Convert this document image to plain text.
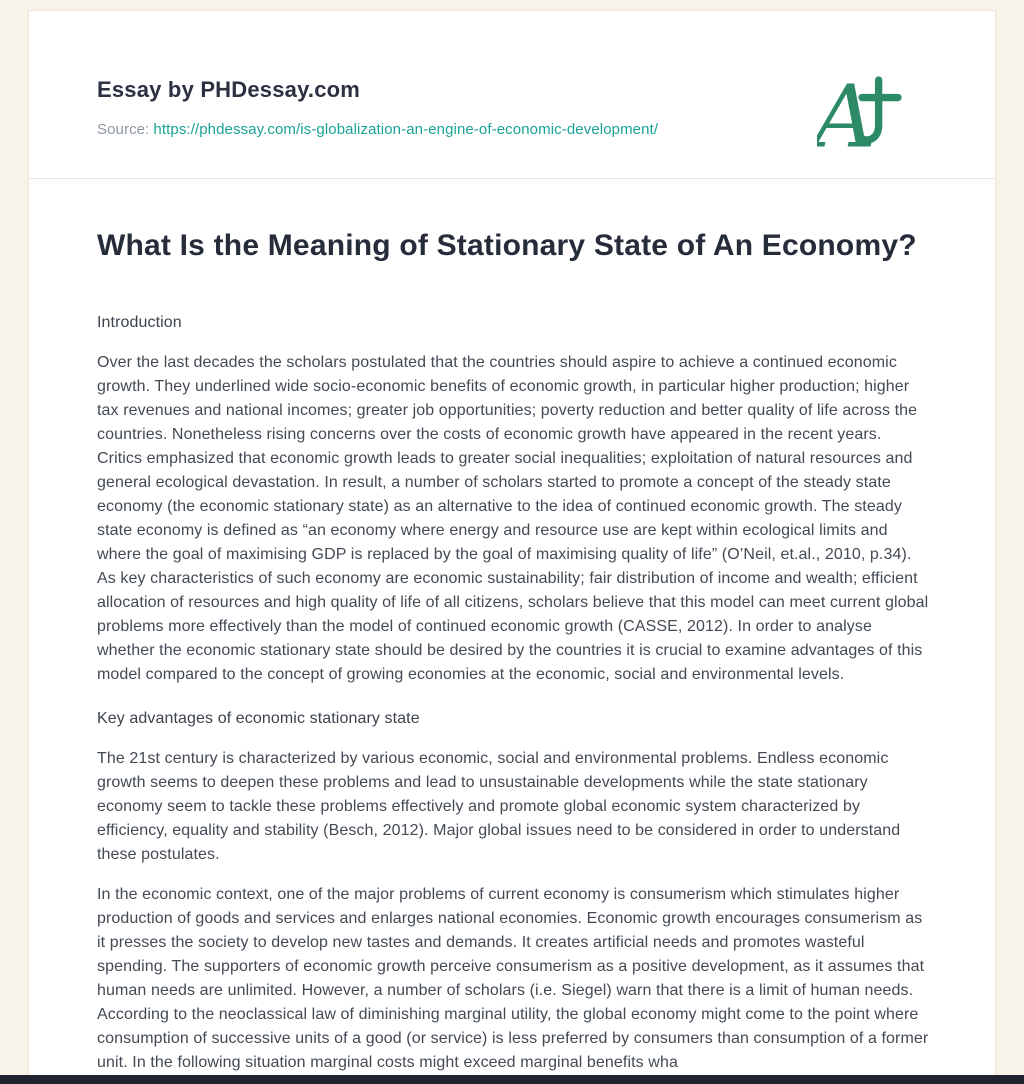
Essay by PHDessay.com
Source: https://phdessay.com/is-globalization-an-engine-of-economic-development/ A
What Is the Meaning of Stationary State of An Economy?

Introduction

Over the last decades the scholars postulated that the countries should aspire to achieve a continued economic growth. They underlined wide socio-economic benefits of economic growth, in particular higher production; higher tax revenues and national incomes; greater job opportunities; poverty reduction and better quality of life across the countries. Nonetheless rising concerns over the costs of economic growth have appeared in the recent years. Critics emphasized that economic growth leads to greater social inequalities; exploitation of natural resources and general ecological devastation. In result, a number of scholars started to promote a concept of the steady state economy (the economic stationary state) as an alternative to the idea of continued economic growth. The steady state economy is defined as “an economy where energy and resource use are kept within ecological limits and where the goal of maximising GDP is replaced by the goal of maximising quality of life” (O’Neil, et.al., 2010, p.34). As key characteristics of such economy are economic sustainability; fair distribution of income and wealth; efficient allocation of resources and high quality of life of all citizens, scholars believe that this model can meet current global problems more effectively than the model of continued economic growth (CASSE, 2012). In order to analyse whether the economic stationary state should be desired by the countries it is crucial to examine advantages of this model compared to the concept of growing economies at the economic, social and environmental levels.

Key advantages of economic stationary state

The 21st century is characterized by various economic, social and environmental problems. Endless economic growth seems to deepen these problems and lead to unsustainable developments while the state stationary economy seem to tackle these problems effectively and promote global economic system characterized by efficiency, equality and stability (Besch, 2012). Major global issues need to be considered in order to understand these postulates.

In the economic context, one of the major problems of current economy is consumerism which stimulates higher production of goods and services and enlarges national economies. Economic growth encourages consumerism as it presses the society to develop new tastes and demands. It creates artificial needs and promotes wasteful spending. The supporters of economic growth perceive consumerism as a positive development, as it assumes that human needs are unlimited. However, a number of scholars (i.e. Siegel) warn that there is a limit of human needs. According to the neoclassical law of diminishing marginal utility, the global economy might come to the point where consumption of successive units of a good (or service) is less preferred by consumers than consumption of a former unit. In the following situation marginal costs might exceed marginal benefits wha
